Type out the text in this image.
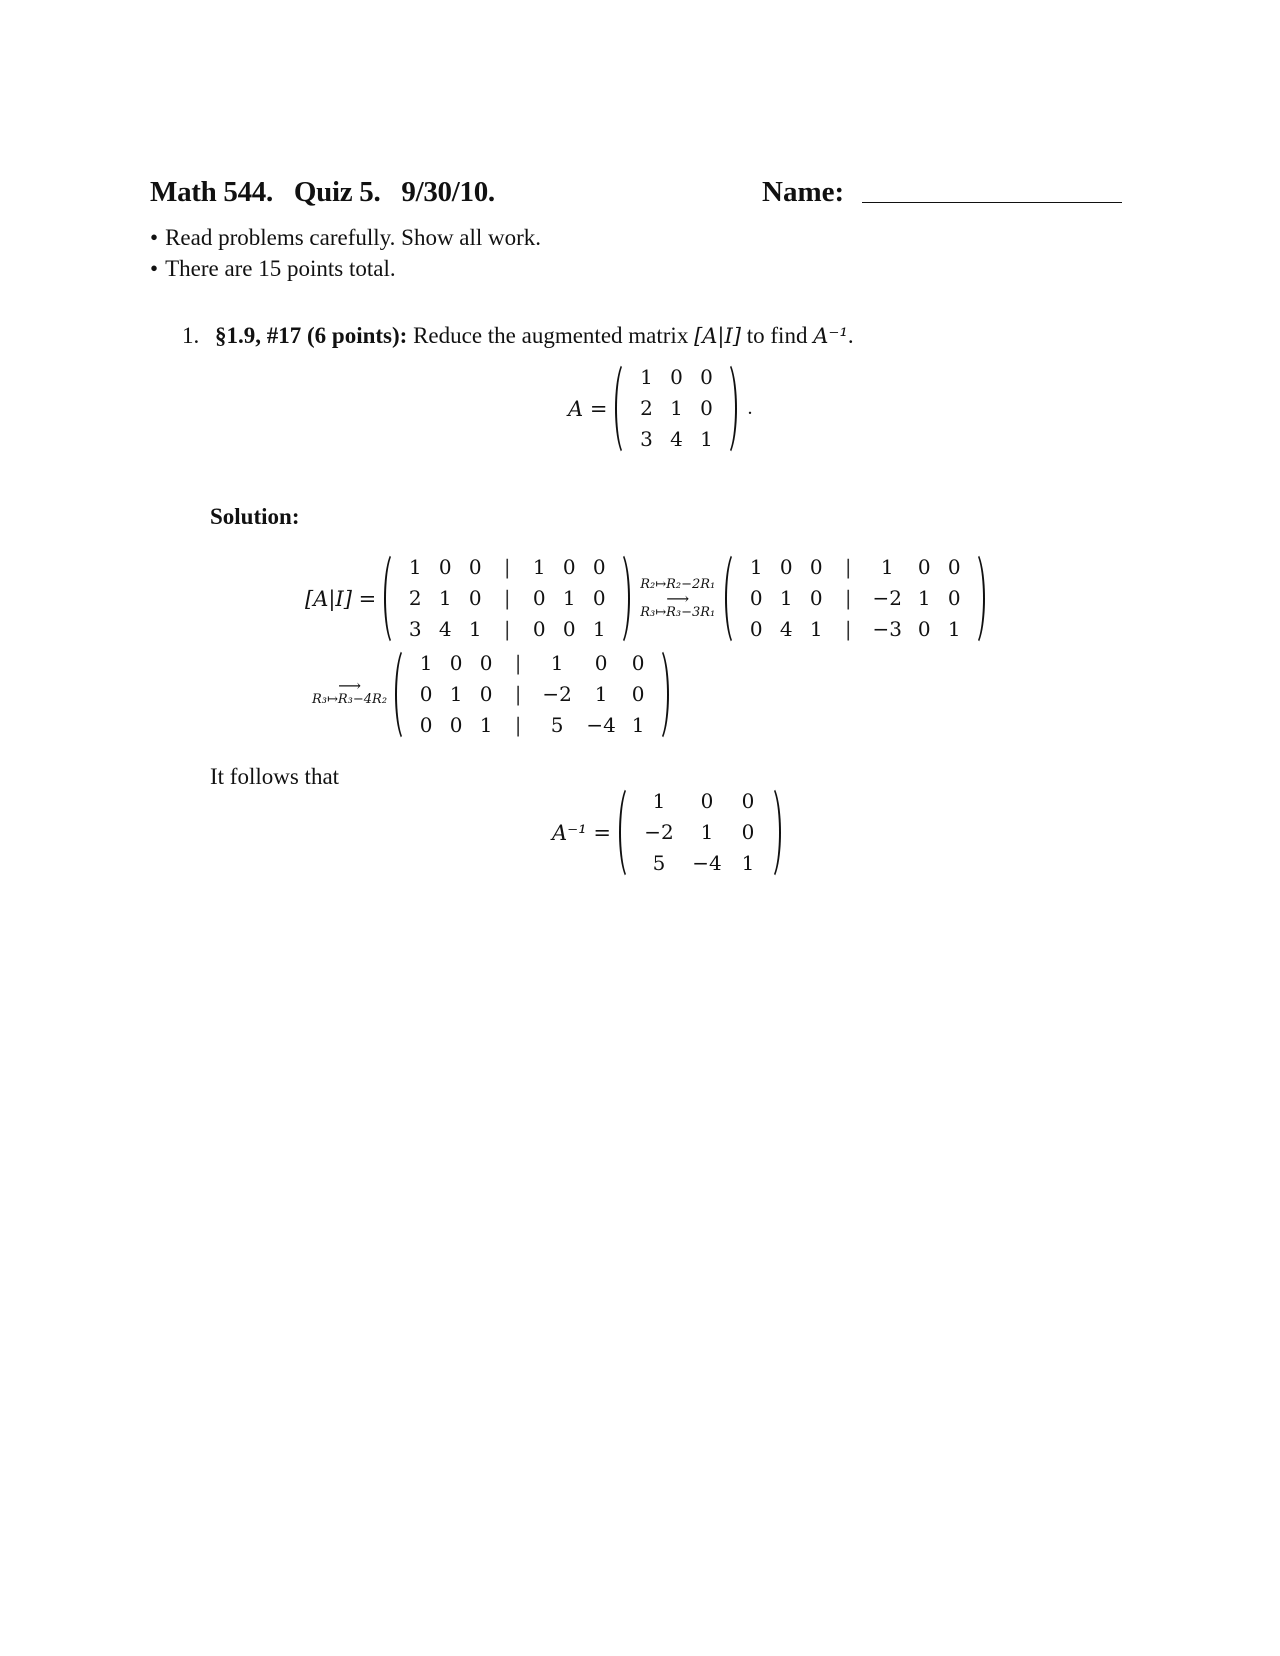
Math 544. Quiz 5. 9/30/10.	Name:
• Read problems carefully. Show all work.
• There are 15 points total.
1. §1.9, #17 (6 points): Reduce the augmented matrix [A|I] to find A⁻¹.
A =
1 0 0
2 1 0
3 4 1
.
Solution:
[A|I] =
1 0 0	|	1 0 0
2 1 0	|	0 1 0
3 4 1	|	0 0 1
R₂↦R₂−2R₁
⟶
R₃↦R₃−3R₁
1 0 0	|	1	0 0
0 1 0	|	−2 1 0
0 4 1	|	−3 0 1
⟶
R₃↦R₃−4R₂
1 0 0	|	1	0	0
0 1 0	|	−2	1	0
0 0 1	|	5	−4 1
It follows that
A⁻¹ =
1	0	0
−2	1	0
5	−4 1
